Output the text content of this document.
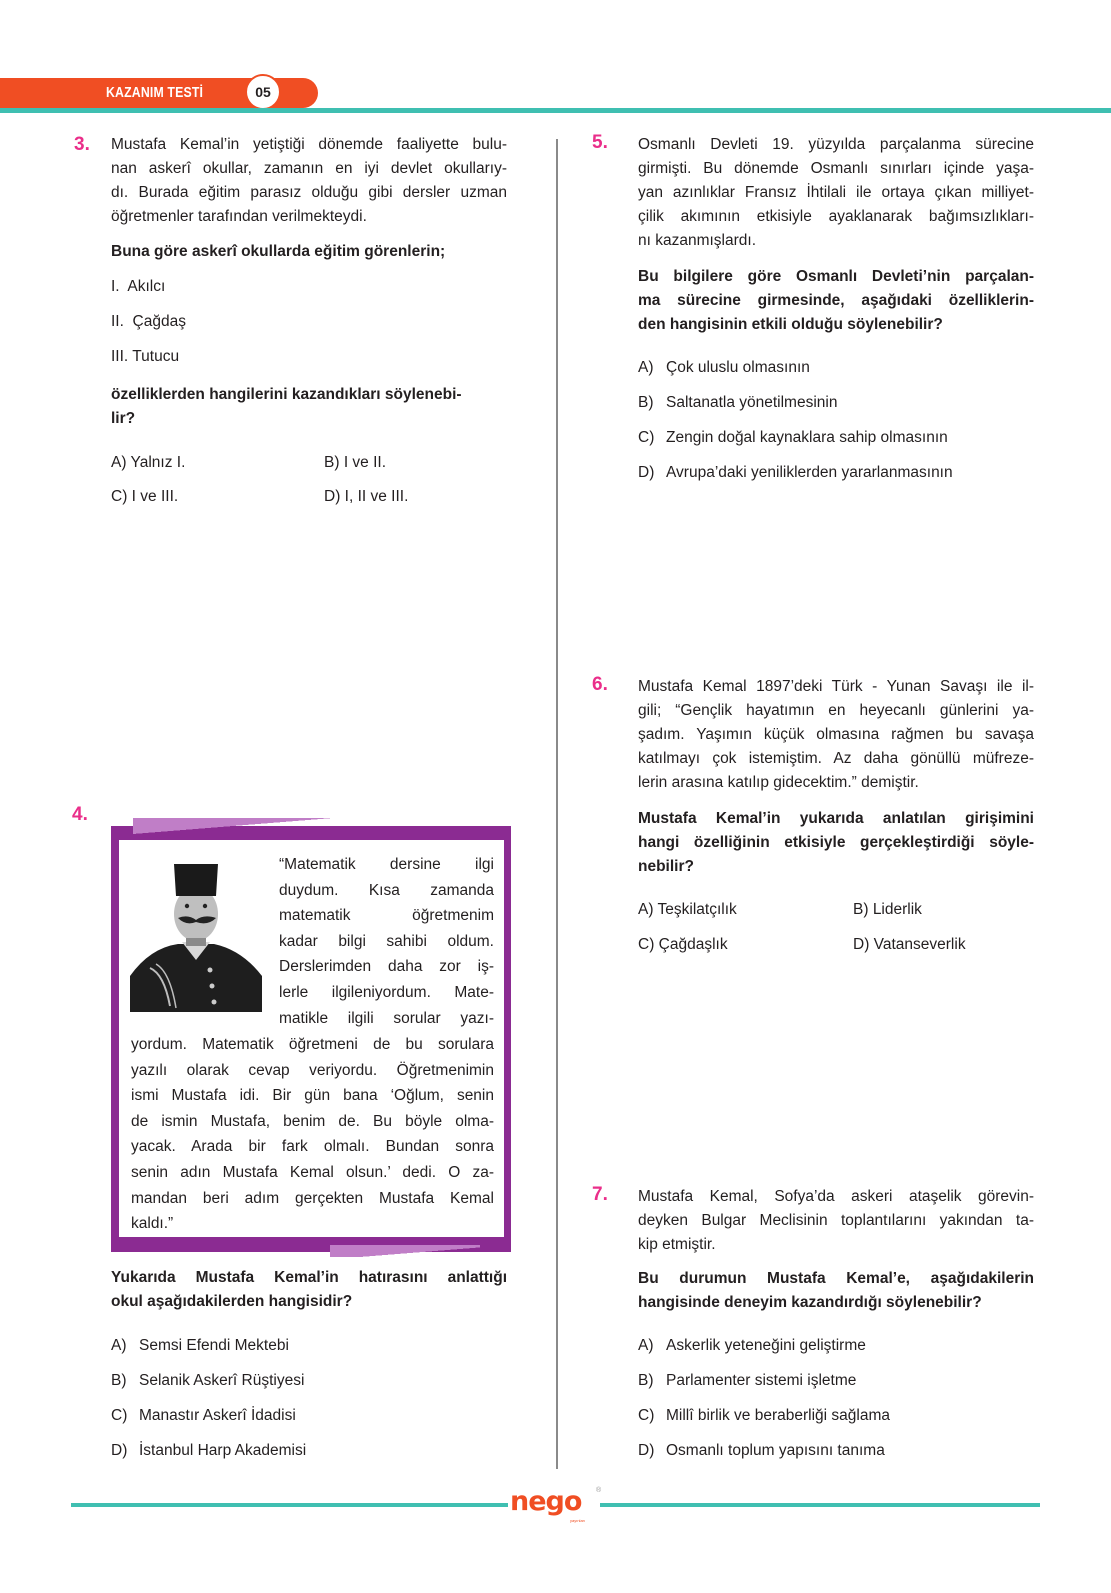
KAZANIM TESTİ	05
3. Mustafa Kemal’in yetiştiği dönemde faaliyette bulu-
nan askerî okullar, zamanın en iyi devlet okullarıy-
dı. Burada eğitim parasız olduğu gibi dersler uzman
öğretmenler tarafından verilmekteydi.
Buna göre askerî okullarda eğitim görenlerin;
I.  Akılcı
II.  Çağdaş
III. Tutucu
özelliklerden hangilerini kazandıkları söylenebi-
lir?
A) Yalnız I.	B) I ve II.
C) I ve III.	D) I, II ve III.
4.
“Matematik dersine ilgi
duydum. Kısa zamanda
matematik öğretmenim
kadar bilgi sahibi oldum.
Derslerimden daha zor iş-
lerle ilgileniyordum. Mate-
matikle ilgili sorular yazı-
yordum. Matematik öğretmeni de bu sorulara
yazılı olarak cevap veriyordu. Öğretmenimin
ismi Mustafa idi. Bir gün bana ‘Oğlum, senin
de ismin Mustafa, benim de. Bu böyle olma-
yacak. Arada bir fark olmalı. Bundan sonra
senin adın Mustafa Kemal olsun.’ dedi. O za-
mandan beri adım gerçekten Mustafa Kemal
kaldı.”
Yukarıda Mustafa Kemal’in hatırasını anlattığı
okul aşağıdakilerden hangisidir?
A) Semsi Efendi Mektebi
B) Selanik Askerî Rüştiyesi
C) Manastır Askerî İdadisi
D) İstanbul Harp Akademisi
5. Osmanlı Devleti 19. yüzyılda parçalanma sürecine
girmişti. Bu dönemde Osmanlı sınırları içinde yaşa-
yan azınlıklar Fransız İhtilali ile ortaya çıkan milliyet-
çilik akımının etkisiyle ayaklanarak bağımsızlıkları-
nı kazanmışlardı.
Bu bilgilere göre Osmanlı Devleti’nin parçalan-
ma sürecine girmesinde, aşağıdaki özelliklerin-
den hangisinin etkili olduğu söylenebilir?
A) Çok uluslu olmasının
B) Saltanatla yönetilmesinin
C) Zengin doğal kaynaklara sahip olmasının
D) Avrupa’daki yeniliklerden yararlanmasının
6. Mustafa Kemal 1897’deki Türk - Yunan Savaşı ile il-
gili; “Gençlik hayatımın en heyecanlı günlerini ya-
şadım. Yaşımın küçük olmasına rağmen bu savaşa
katılmayı çok istemiştim. Az daha gönüllü müfreze-
lerin arasına katılıp gidecektim.” demiştir.
Mustafa Kemal’in yukarıda anlatılan girişimini
hangi özelliğinin etkisiyle gerçekleştirdiği söyle-
nebilir?
A) Teşkilatçılık	B) Liderlik
C) Çağdaşlık	D) Vatanseverlik
7. Mustafa Kemal, Sofya’da askeri ataşelik görevin-
deyken Bulgar Meclisinin toplantılarını yakından ta-
kip etmiştir.
Bu durumun Mustafa Kemal’e, aşağıdakilerin
hangisinde deneyim kazandırdığı söylenebilir?
A) Askerlik yeteneğini geliştirme
B) Parlamenter sistemi işletme
C) Millî birlik ve beraberliği sağlama
D) Osmanlı toplum yapısını tanıma
nego	®
yayınları
